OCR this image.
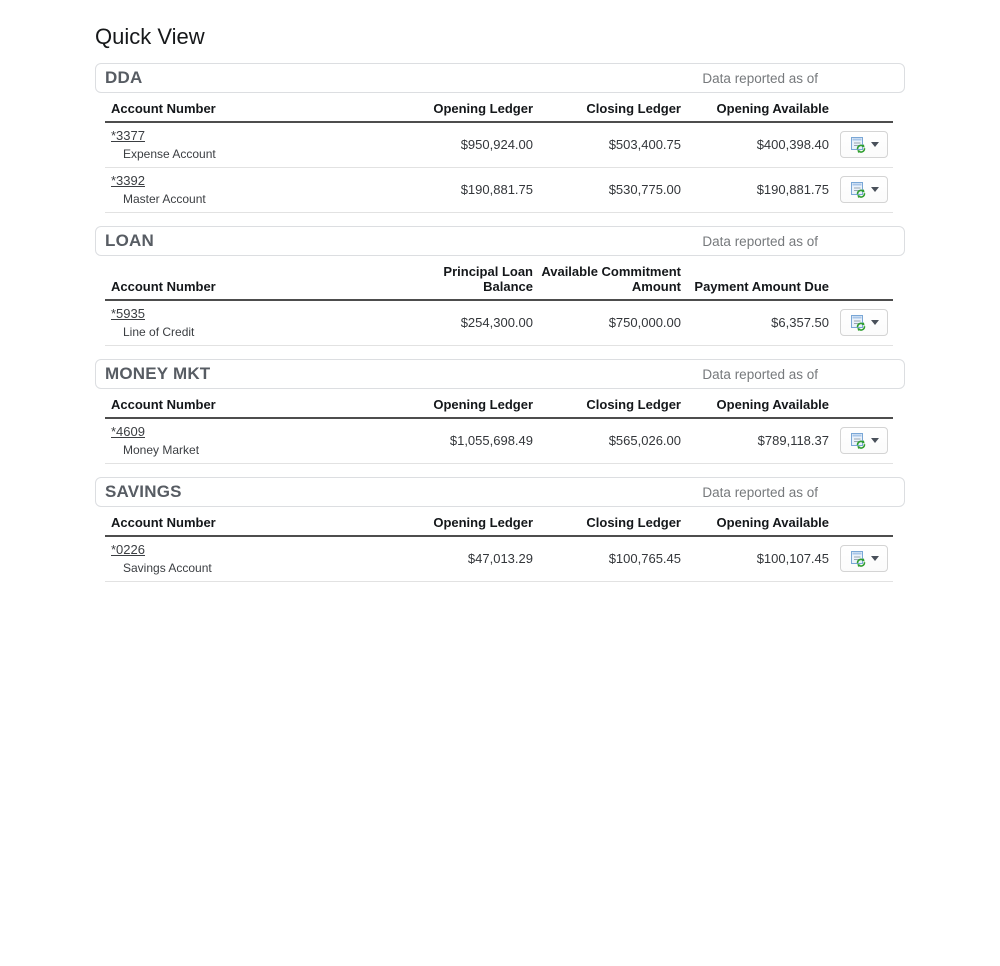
Quick View
DDA	Data reported as of
Account Number	Opening Ledger	Closing Ledger	Opening Available	
*3377
Expense Account	$950,924.00	$503,400.75	$400,398.40	

*3392
Master Account	$190,881.75	$530,775.00	$190,881.75	
LOAN	Data reported as of
Account Number	Principal Loan Balance	Available Commitment Amount	Payment Amount Due	
*5935
Line of Credit	$254,300.00	$750,000.00	$6,357.50	
MONEY MKT	Data reported as of
Account Number	Opening Ledger	Closing Ledger	Opening Available	
*4609
Money Market	$1,055,698.49	$565,026.00	$789,118.37	
SAVINGS	Data reported as of
Account Number	Opening Ledger	Closing Ledger	Opening Available	
*0226
Savings Account	$47,013.29	$100,765.45	$100,107.45	
